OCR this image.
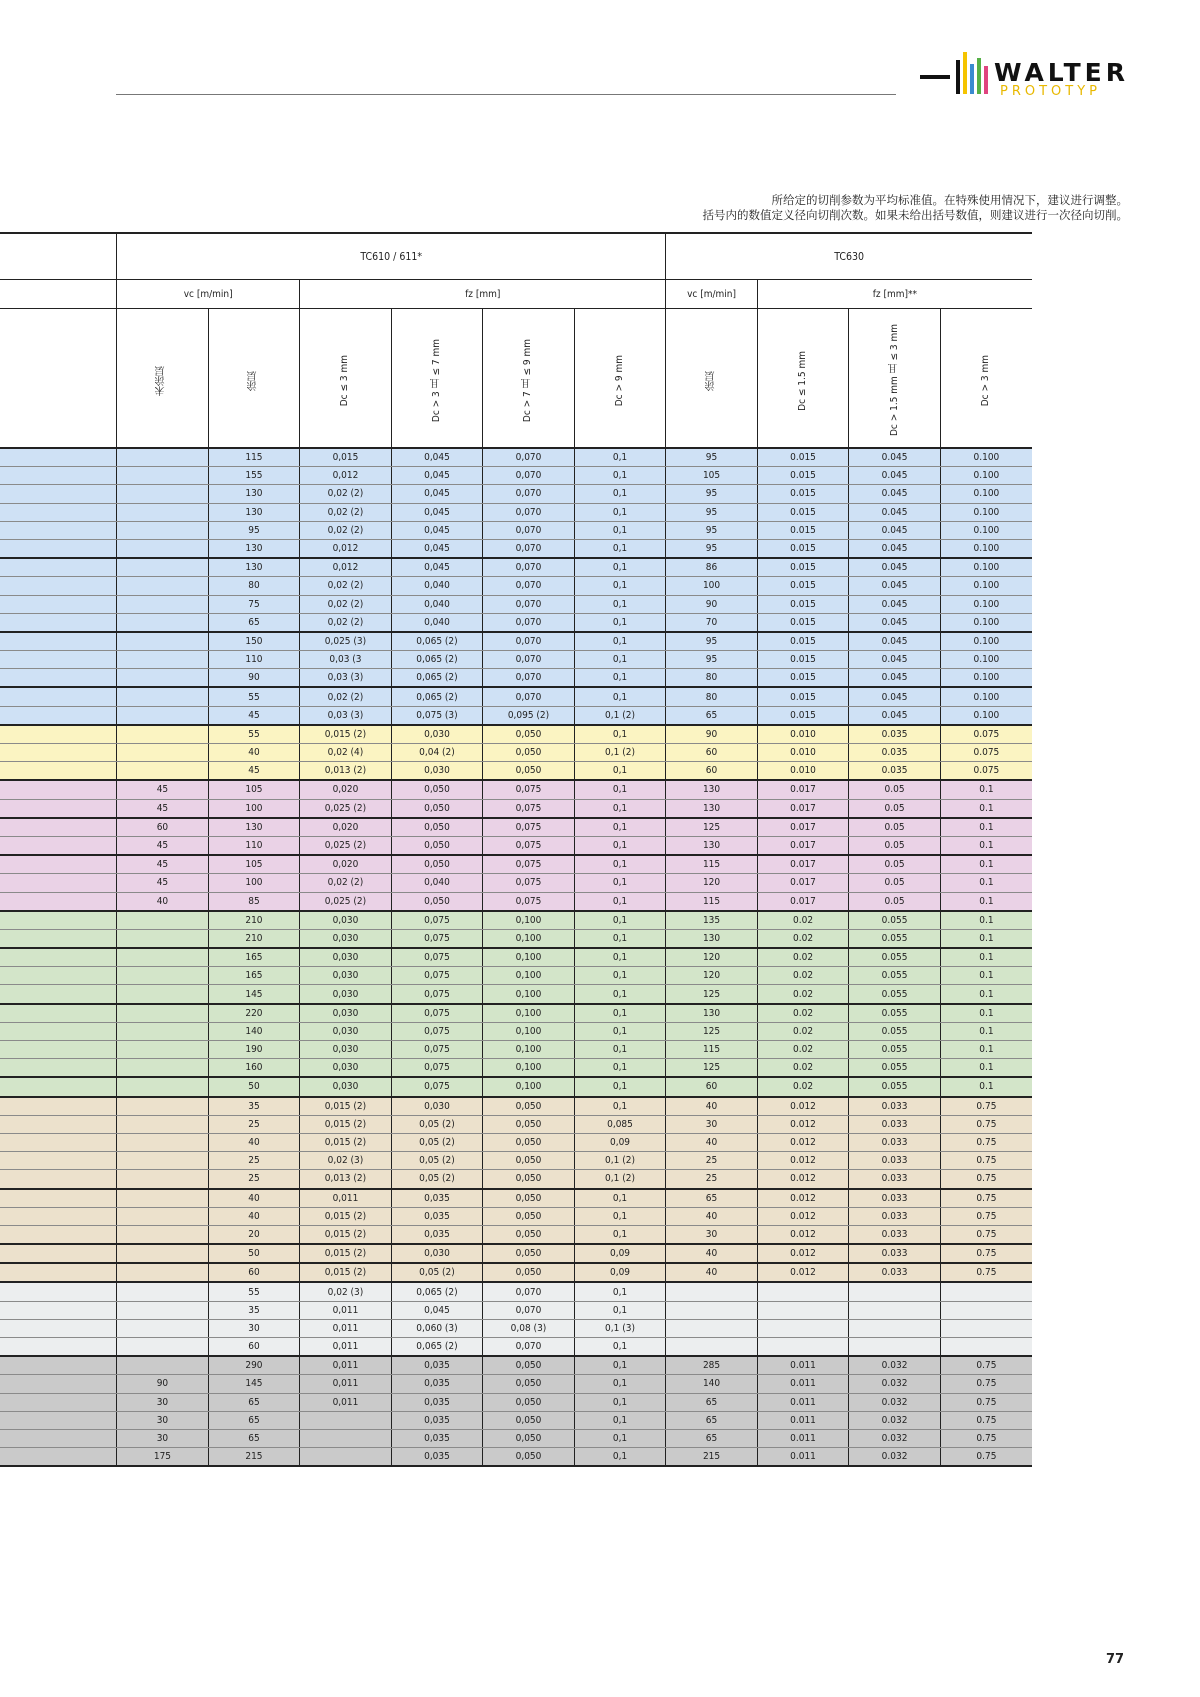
WALTER
PROTOTYP
所给定的切削参数为平均标准值。在特殊使用情况下，建议进行调整。
括号内的数值定义径向切削次数。如果未给出括号数值，则建议进行一次径向切削。
	TC610 / 611*						TC630			
	vc [m/min]		fz [mm]				vc [m/min]	fz [mm]**		
	未涂层	涂层	Dc ≤ 3 mm	Dc > 3 且 ≤ 7 mm	Dc > 7 且 ≤ 9 mm	Dc > 9 mm	涂层	Dc ≤ 1.5 mm	Dc > 1.5 mm 且 ≤ 3 mm	Dc > 3 mm
		115	0,015	0,045	0,070	0,1	95	0.015	0.045	0.100
		155	0,012	0,045	0,070	0,1	105	0.015	0.045	0.100
		130	0,02 (2)	0,045	0,070	0,1	95	0.015	0.045	0.100
		130	0,02 (2)	0,045	0,070	0,1	95	0.015	0.045	0.100
		95	0,02 (2)	0,045	0,070	0,1	95	0.015	0.045	0.100
		130	0,012	0,045	0,070	0,1	95	0.015	0.045	0.100
		130	0,012	0,045	0,070	0,1	86	0.015	0.045	0.100
		80	0,02 (2)	0,040	0,070	0,1	100	0.015	0.045	0.100
		75	0,02 (2)	0,040	0,070	0,1	90	0.015	0.045	0.100
		65	0,02 (2)	0,040	0,070	0,1	70	0.015	0.045	0.100
		150	0,025 (3)	0,065 (2)	0,070	0,1	95	0.015	0.045	0.100
		110	0,03 (3	0,065 (2)	0,070	0,1	95	0.015	0.045	0.100
		90	0,03 (3)	0,065 (2)	0,070	0,1	80	0.015	0.045	0.100
		55	0,02 (2)	0,065 (2)	0,070	0,1	80	0.015	0.045	0.100
		45	0,03 (3)	0,075 (3)	0,095 (2)	0,1 (2)	65	0.015	0.045	0.100
		55	0,015 (2)	0,030	0,050	0,1	90	0.010	0.035	0.075
		40	0,02 (4)	0,04 (2)	0,050	0,1 (2)	60	0.010	0.035	0.075
		45	0,013 (2)	0,030	0,050	0,1	60	0.010	0.035	0.075
	45	105	0,020	0,050	0,075	0,1	130	0.017	0.05	0.1
	45	100	0,025 (2)	0,050	0,075	0,1	130	0.017	0.05	0.1
	60	130	0,020	0,050	0,075	0,1	125	0.017	0.05	0.1
	45	110	0,025 (2)	0,050	0,075	0,1	130	0.017	0.05	0.1
	45	105	0,020	0,050	0,075	0,1	115	0.017	0.05	0.1
	45	100	0,02 (2)	0,040	0,075	0,1	120	0.017	0.05	0.1
	40	85	0,025 (2)	0,050	0,075	0,1	115	0.017	0.05	0.1
		210	0,030	0,075	0,100	0,1	135	0.02	0.055	0.1
		210	0,030	0,075	0,100	0,1	130	0.02	0.055	0.1
		165	0,030	0,075	0,100	0,1	120	0.02	0.055	0.1
		165	0,030	0,075	0,100	0,1	120	0.02	0.055	0.1
		145	0,030	0,075	0,100	0,1	125	0.02	0.055	0.1
		220	0,030	0,075	0,100	0,1	130	0.02	0.055	0.1
		140	0,030	0,075	0,100	0,1	125	0.02	0.055	0.1
		190	0,030	0,075	0,100	0,1	115	0.02	0.055	0.1
		160	0,030	0,075	0,100	0,1	125	0.02	0.055	0.1
		50	0,030	0,075	0,100	0,1	60	0.02	0.055	0.1
		35	0,015 (2)	0,030	0,050	0,1	40	0.012	0.033	0.75
		25	0,015 (2)	0,05 (2)	0,050	0,085	30	0.012	0.033	0.75
		40	0,015 (2)	0,05 (2)	0,050	0,09	40	0.012	0.033	0.75
		25	0,02 (3)	0,05 (2)	0,050	0,1 (2)	25	0.012	0.033	0.75
		25	0,013 (2)	0,05 (2)	0,050	0,1 (2)	25	0.012	0.033	0.75
		40	0,011	0,035	0,050	0,1	65	0.012	0.033	0.75
		40	0,015 (2)	0,035	0,050	0,1	40	0.012	0.033	0.75
		20	0,015 (2)	0,035	0,050	0,1	30	0.012	0.033	0.75
		50	0,015 (2)	0,030	0,050	0,09	40	0.012	0.033	0.75
		60	0,015 (2)	0,05 (2)	0,050	0,09	40	0.012	0.033	0.75
		55	0,02 (3)	0,065 (2)	0,070	0,1				
		35	0,011	0,045	0,070	0,1				
		30	0,011	0,060 (3)	0,08 (3)	0,1 (3)				
		60	0,011	0,065 (2)	0,070	0,1				
		290	0,011	0,035	0,050	0,1	285	0.011	0.032	0.75
	90	145	0,011	0,035	0,050	0,1	140	0.011	0.032	0.75
	30	65	0,011	0,035	0,050	0,1	65	0.011	0.032	0.75
	30	65		0,035	0,050	0,1	65	0.011	0.032	0.75
	30	65		0,035	0,050	0,1	65	0.011	0.032	0.75
	175	215		0,035	0,050	0,1	215	0.011	0.032	0.75
77
